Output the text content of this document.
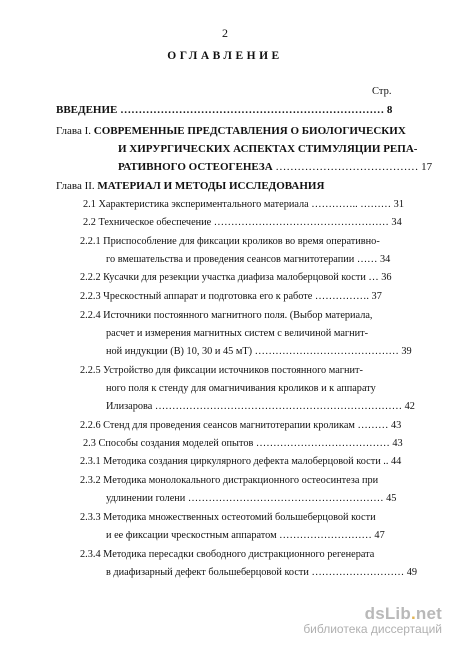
2
ОГЛАВЛЕНИЕ
Стр.
ВВЕДЕНИЕ ……………………………………………………………… 8
Глава I. СОВРЕМЕННЫЕ ПРЕДСТАВЛЕНИЯ О БИОЛОГИЧЕСКИХ
И ХИРУРГИЧЕСКИХ АСПЕКТАХ СТИМУЛЯЦИИ РЕПА-
РАТИВНОГО ОСТЕОГЕНЕЗА ………………………………… 17
Глава II. МАТЕРИАЛ И МЕТОДЫ ИССЛЕДОВАНИЯ
2.1 Характеристика экспериментального материала ………….. ……… 31
2.2 Техническое обеспечение …………………………………………… 34
2.2.1 Приспособление для фиксации кроликов во время оперативно-
го вмешательства и проведения сеансов магнитотерапии …… 34
2.2.2 Кусачки для резекции участка диафиза малоберцовой кости … 36
2.2.3 Чрескостный аппарат и подготовка его к работе ……………. 37
2.2.4 Источники постоянного магнитного поля. (Выбор материала,
расчет и измерения магнитных систем с величиной магнит-
ной индукции (В) 10, 30 и 45 мТ) …………………………………… 39
2.2.5 Устройство для фиксации источников постоянного магнит-
ного поля к стенду для омагничивания кроликов и к аппарату
Илизарова ……………………………………………………………… 42
2.2.6 Стенд для проведения сеансов магнитотерапии кроликам ……… 43
2.3 Способы создания моделей опытов ………………………………… 43
2.3.1 Методика создания циркулярного дефекта малоберцовой кости .. 44
2.3.2 Методика монолокального дистракционного остеосинтеза при
удлинении голени ………………………………………………… 45
2.3.3 Методика множественных остеотомий большеберцовой кости
и ее фиксации чрескостным аппаратом ……………………… 47
2.3.4 Методика пересадки свободного дистракционного регенерата
в диафизарный дефект большеберцовой кости ……………………… 49
dsLib.net
библиотека диссертаций
